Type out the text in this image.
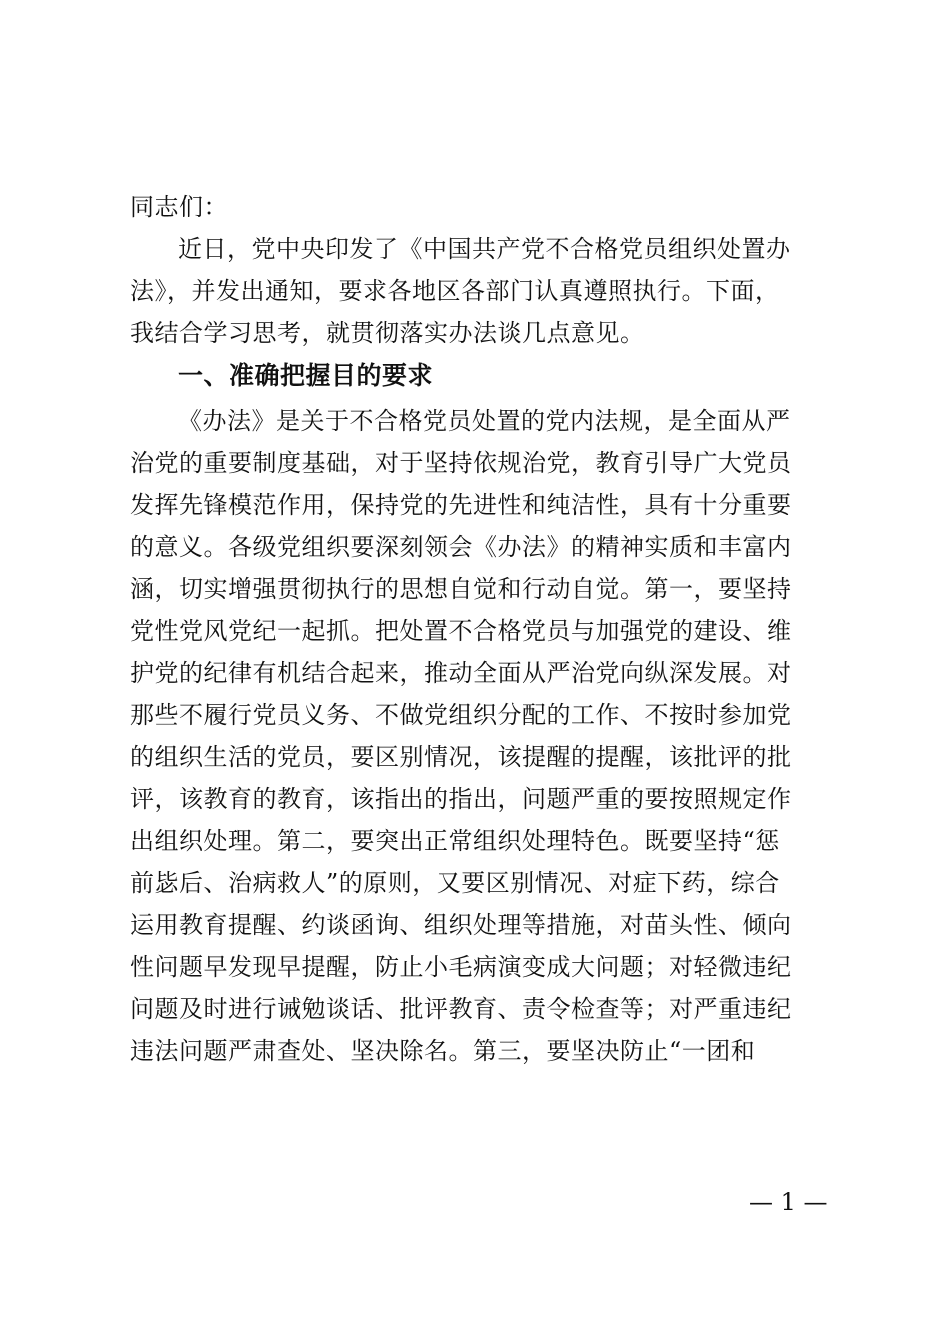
同志们：
近日，党中央印发了《中国共产党不合格党员组织处置办
法》，并发出通知，要求各地区各部门认真遵照执行。下面，
我结合学习思考，就贯彻落实办法谈几点意见。
一、准确把握目的要求
《办法》是关于不合格党员处置的党内法规，是全面从严
治党的重要制度基础，对于坚持依规治党，教育引导广大党员
发挥先锋模范作用，保持党的先进性和纯洁性，具有十分重要
的意义。各级党组织要深刻领会《办法》的精神实质和丰富内
涵，切实增强贯彻执行的思想自觉和行动自觉。第一，要坚持
党性党风党纪一起抓。把处置不合格党员与加强党的建设、维
护党的纪律有机结合起来，推动全面从严治党向纵深发展。对
那些不履行党员义务、不做党组织分配的工作、不按时参加党
的组织生活的党员，要区别情况，该提醒的提醒，该批评的批
评，该教育的教育，该指出的指出，问题严重的要按照规定作
出组织处理。第二，要突出正常组织处理特色。既要坚持“惩
前毖后、治病救人”的原则，又要区别情况、对症下药，综合
运用教育提醒、约谈函询、组织处理等措施，对苗头性、倾向
性问题早发现早提醒，防止小毛病演变成大问题；对轻微违纪
问题及时进行诫勉谈话、批评教育、责令检查等；对严重违纪
违法问题严肃查处、坚决除名。第三，要坚决防止“一团和
— 1 —
